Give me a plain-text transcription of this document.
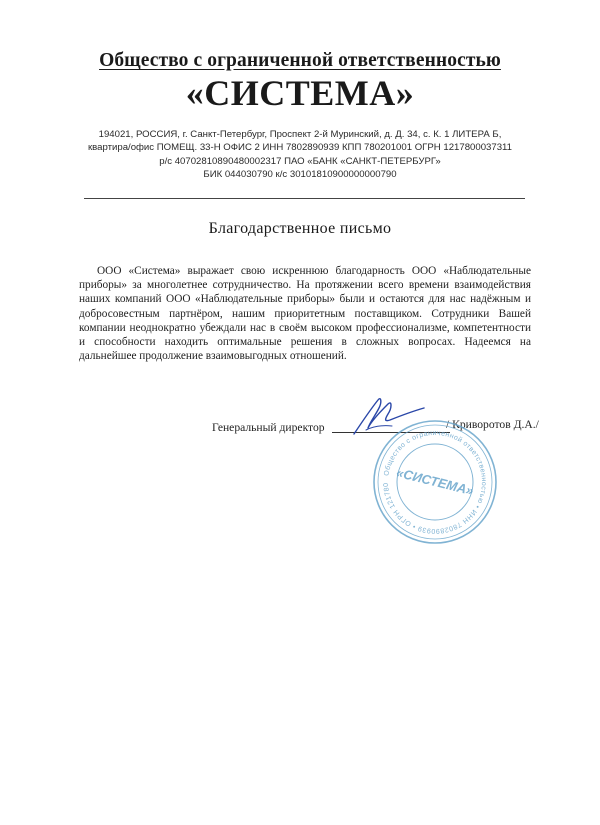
Общество с ограниченной ответственностью
«СИСТЕМА»
194021, РОССИЯ, г. Санкт-Петербург, Проспект 2-й Муринский, д. Д. 34, с. К. 1 ЛИТЕРА Б,
квартира/офис ПОМЕЩ. 33-Н ОФИС 2 ИНН 7802890939 КПП 780201001 ОГРН 1217800037311
р/с 40702810890480002317 ПАО «БАНК «САНКТ-ПЕТЕРБУРГ»
БИК 044030790 к/с 30101810900000000790
Благодарственное письмо
ООО «Система» выражает свою искреннюю благодарность ООО «Наблюдательные приборы» за многолетнее сотрудничество. На протяжении всего времени взаимодействия наших компаний ООО «Наблюдательные приборы» были и остаются для нас надёжным и добросовестным партнёром, нашим приоритетным поставщиком. Сотрудники Вашей компании неоднократно убеждали нас в своём высоком профессионализме, компетентности и способности находить оптимальные решения в сложных вопросах. Надеемся на дальнейшее продолжение взаимовыгодных отношений.
Генеральный директор	/ Криворотов Д.А./
Общество с ограниченной ответственностью • ИНН 7802890939 • ОГРН 121780 «СИСТЕМА»
